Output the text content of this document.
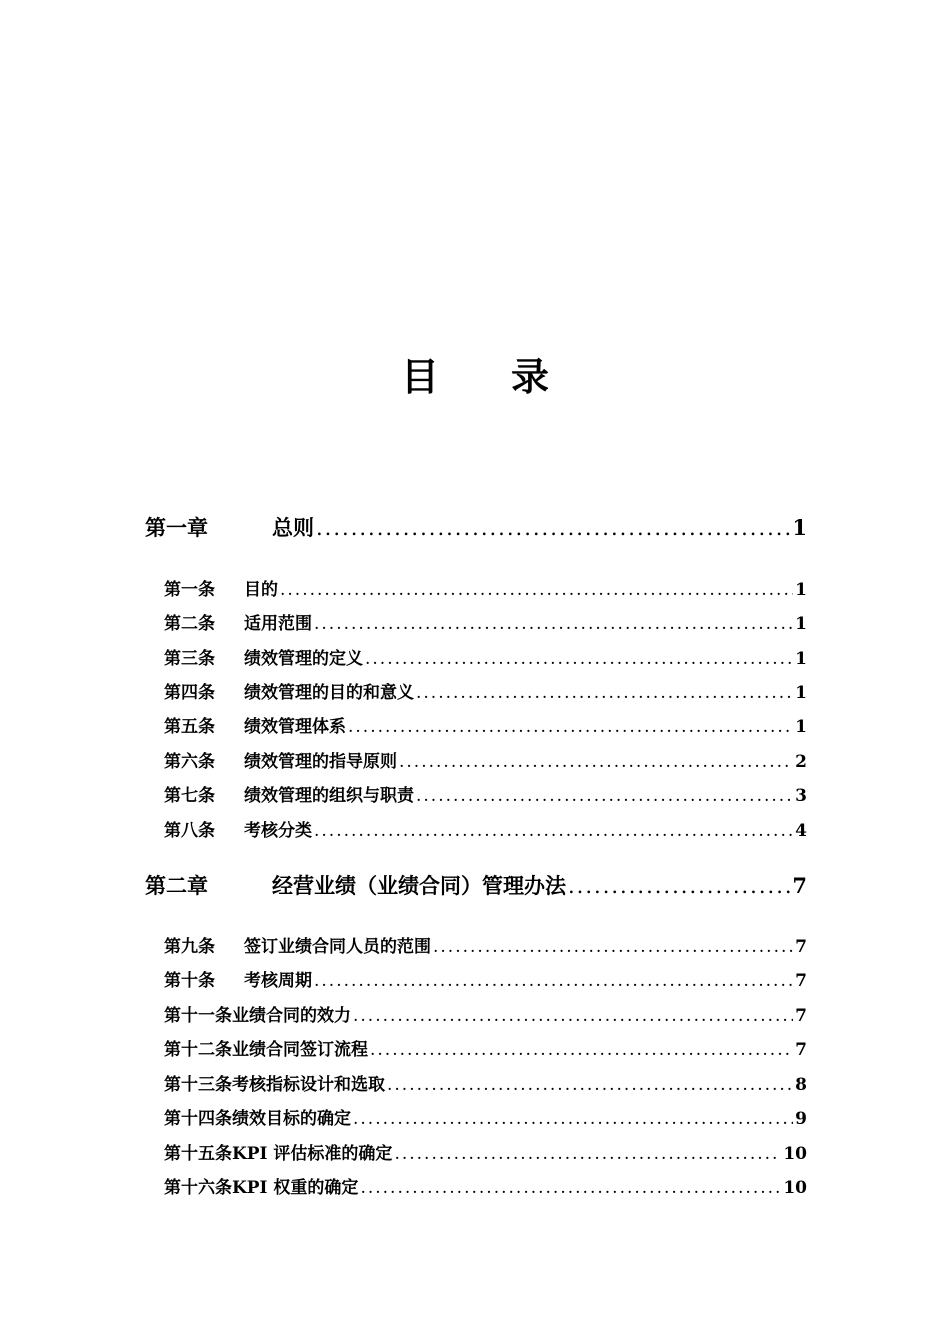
目 录
第一章	总则 .....	1
第一条	目的 .....	1
第二条	适用范围 .....	1
第三条	绩效管理的定义 .....	1
第四条	绩效管理的目的和意义 .....	1
第五条	绩效管理体系 .....	1
第六条	绩效管理的指导原则 .....	2
第七条	绩效管理的组织与职责 .....	3
第八条	考核分类 .....	4
第二章	经营业绩（业绩合同）管理办法 .....	7
第九条	签订业绩合同人员的范围 .....	7
第十条	考核周期 .....	7
第十一条 业绩合同的效力 .....	7
第十二条 业绩合同签订流程 .....	7
第十三条 考核指标设计和选取 .....	8
第十四条 绩效目标的确定 .....	9
第十五条 KPI 评估标准的确定 .....	10
第十六条 KPI 权重的确定 .....	10
